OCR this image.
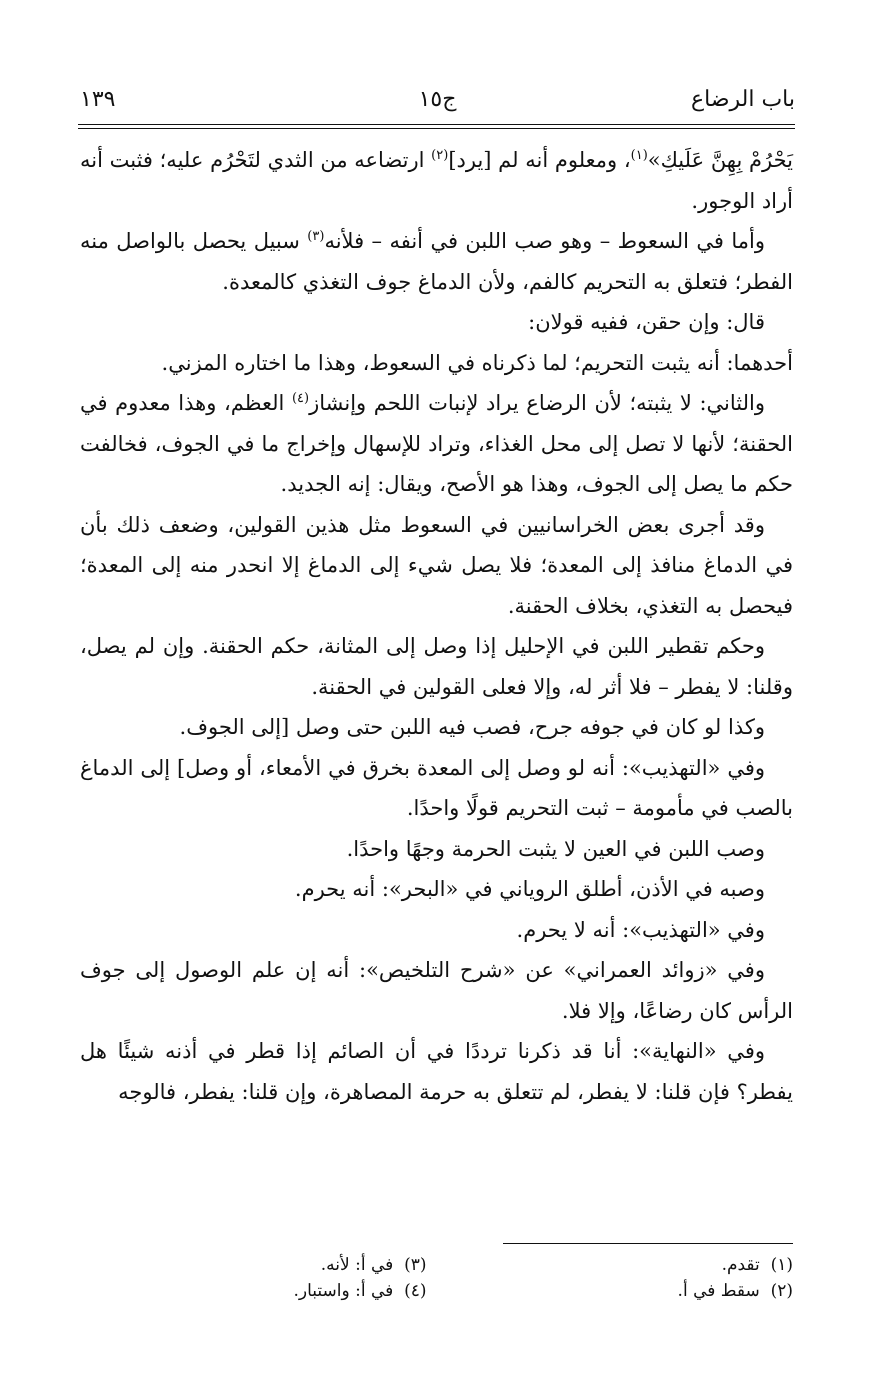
باب الرضاع
ج١٥
١٣٩

يَحْرُمْ بِهِنَّ عَلَيكِ»$^{(١)}$، ومعلوم أنه لم [يرد]$^{(٢)}$ ارتضاعه من الثدي لتَحْرُم عليه؛ فثبت أنه أراد الوجور.

وأما في السعوط – وهو صب اللبن في أنفه – فلأنه$^{(٣)}$ سبيل يحصل بالواصل منه الفطر؛ فتعلق به التحريم كالفم، ولأن الدماغ جوف التغذي كالمعدة.

قال: وإن حقن، ففيه قولان:

أحدهما: أنه يثبت التحريم؛ لما ذكرناه في السعوط، وهذا ما اختاره المزني.

والثاني: لا يثبته؛ لأن الرضاع يراد لإنبات اللحم وإنشاز$^{(٤)}$ العظم، وهذا معدوم في الحقنة؛ لأنها لا تصل إلى محل الغذاء، وتراد للإسهال وإخراج ما في الجوف، فخالفت حكم ما يصل إلى الجوف، وهذا هو الأصح، ويقال: إنه الجديد.

وقد أجرى بعض الخراسانيين في السعوط مثل هذين القولين، وضعف ذلك بأن في الدماغ منافذ إلى المعدة؛ فلا يصل شيء إلى الدماغ إلا انحدر منه إلى المعدة؛ فيحصل به التغذي، بخلاف الحقنة.

وحكم تقطير اللبن في الإحليل إذا وصل إلى المثانة، حكم الحقنة. وإن لم يصل، وقلنا: لا يفطر – فلا أثر له، وإلا فعلى القولين في الحقنة.

وكذا لو كان في جوفه جرح، فصب فيه اللبن حتى وصل [إلى الجوف.

وفي «التهذيب»: أنه لو وصل إلى المعدة بخرق في الأمعاء، أو وصل] إلى الدماغ بالصب في مأمومة – ثبت التحريم قولًا واحدًا.

وصب اللبن في العين لا يثبت الحرمة وجهًا واحدًا.

وصبه في الأذن، أطلق الروياني في «البحر»: أنه يحرم.

وفي «التهذيب»: أنه لا يحرم.

وفي «زوائد العمراني» عن «شرح التلخيص»: أنه إن علم الوصول إلى جوف الرأس كان رضاعًا، وإلا فلا.

وفي «النهاية»: أنا قد ذكرنا ترددًا في أن الصائم إذا قطر في أذنه شيئًا هل يفطر؟ فإن قلنا: لا يفطر، لم تتعلق به حرمة المصاهرة، وإن قلنا: يفطر، فالوجه

(١)  تقدم.
(٣)  في أ: لأنه.
(٢)  سقط في أ.
(٤)  في أ: واستبار.
